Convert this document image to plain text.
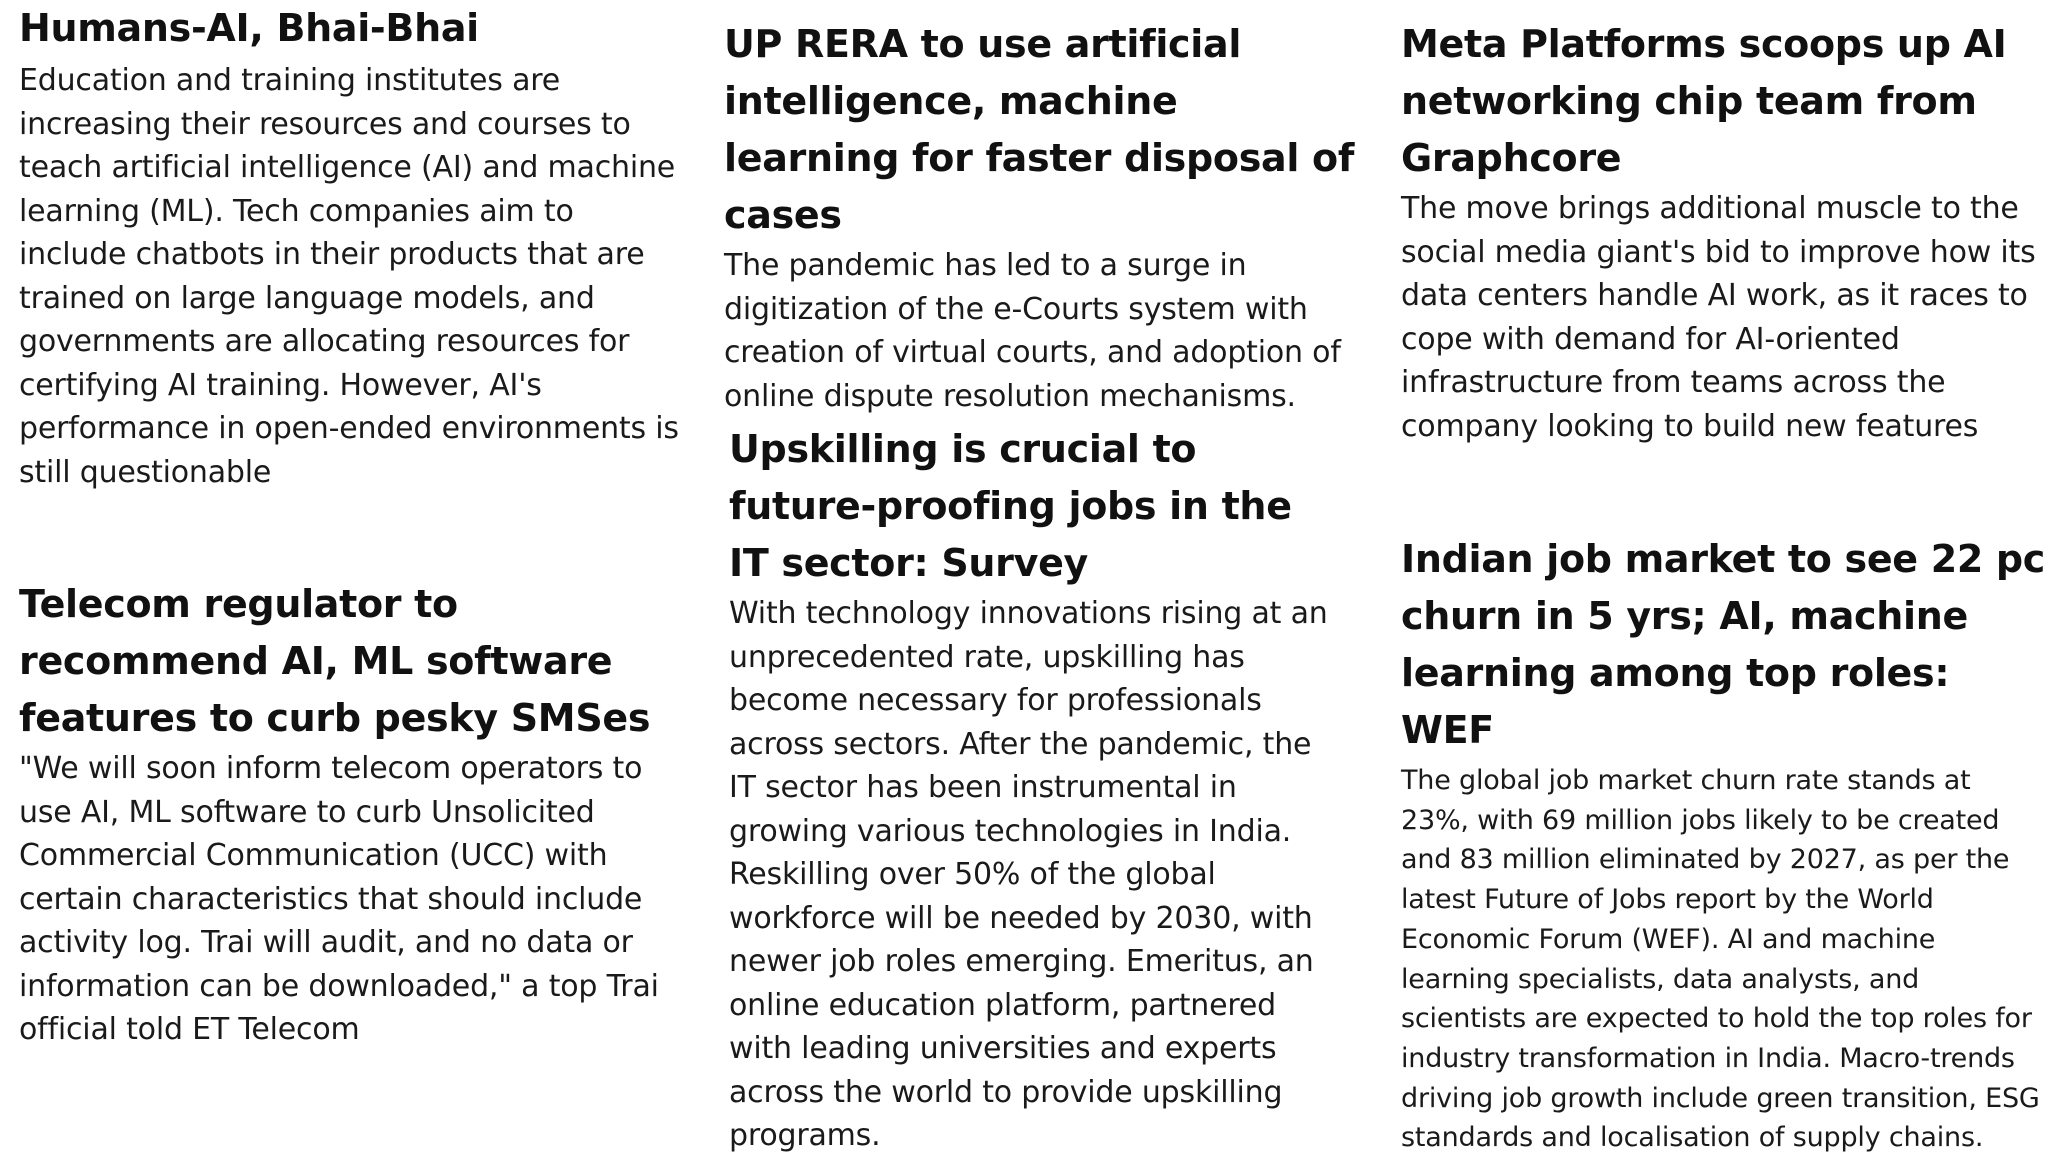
Humans-AI, Bhai-Bhai

Education and training institutes are increasing their resources and courses to teach artificial intelligence (AI) and machine learning (ML). Tech companies aim to include chatbots in their products that are trained on large language models, and governments are allocating resources for certifying AI training. However, AI's performance in open-ended environments is still questionable

Telecom regulator to recommend AI, ML software features to curb pesky SMSes

"We will soon inform telecom operators to use AI, ML software to curb Unsolicited Commercial Communication (UCC) with certain characteristics that should include activity log. Trai will audit, and no data or information can be downloaded," a top Trai official told ET Telecom

UP RERA to use artificial intelligence, machine learning for faster disposal of cases

The pandemic has led to a surge in digitization of the e-Courts system with creation of virtual courts, and adoption of online dispute resolution mechanisms.

Upskilling is crucial to future-proofing jobs in the IT sector: Survey

With technology innovations rising at an unprecedented rate, upskilling has become necessary for professionals across sectors. After the pandemic, the IT sector has been instrumental in growing various technologies in India. Reskilling over 50% of the global workforce will be needed by 2030, with newer job roles emerging. Emeritus, an online education platform, partnered with leading universities and experts across the world to provide upskilling programs.

Meta Platforms scoops up AI networking chip team from Graphcore

The move brings additional muscle to the social media giant's bid to improve how its data centers handle AI work, as it races to cope with demand for AI-oriented infrastructure from teams across the company looking to build new features

Indian job market to see 22 pc churn in 5 yrs; AI, machine learning among top roles: WEF

The global job market churn rate stands at 23%, with 69 million jobs likely to be created and 83 million eliminated by 2027, as per the latest Future of Jobs report by the World Economic Forum (WEF). AI and machine learning specialists, data analysts, and scientists are expected to hold the top roles for industry transformation in India. Macro-trends driving job growth include green transition, ESG standards and localisation of supply chains.
